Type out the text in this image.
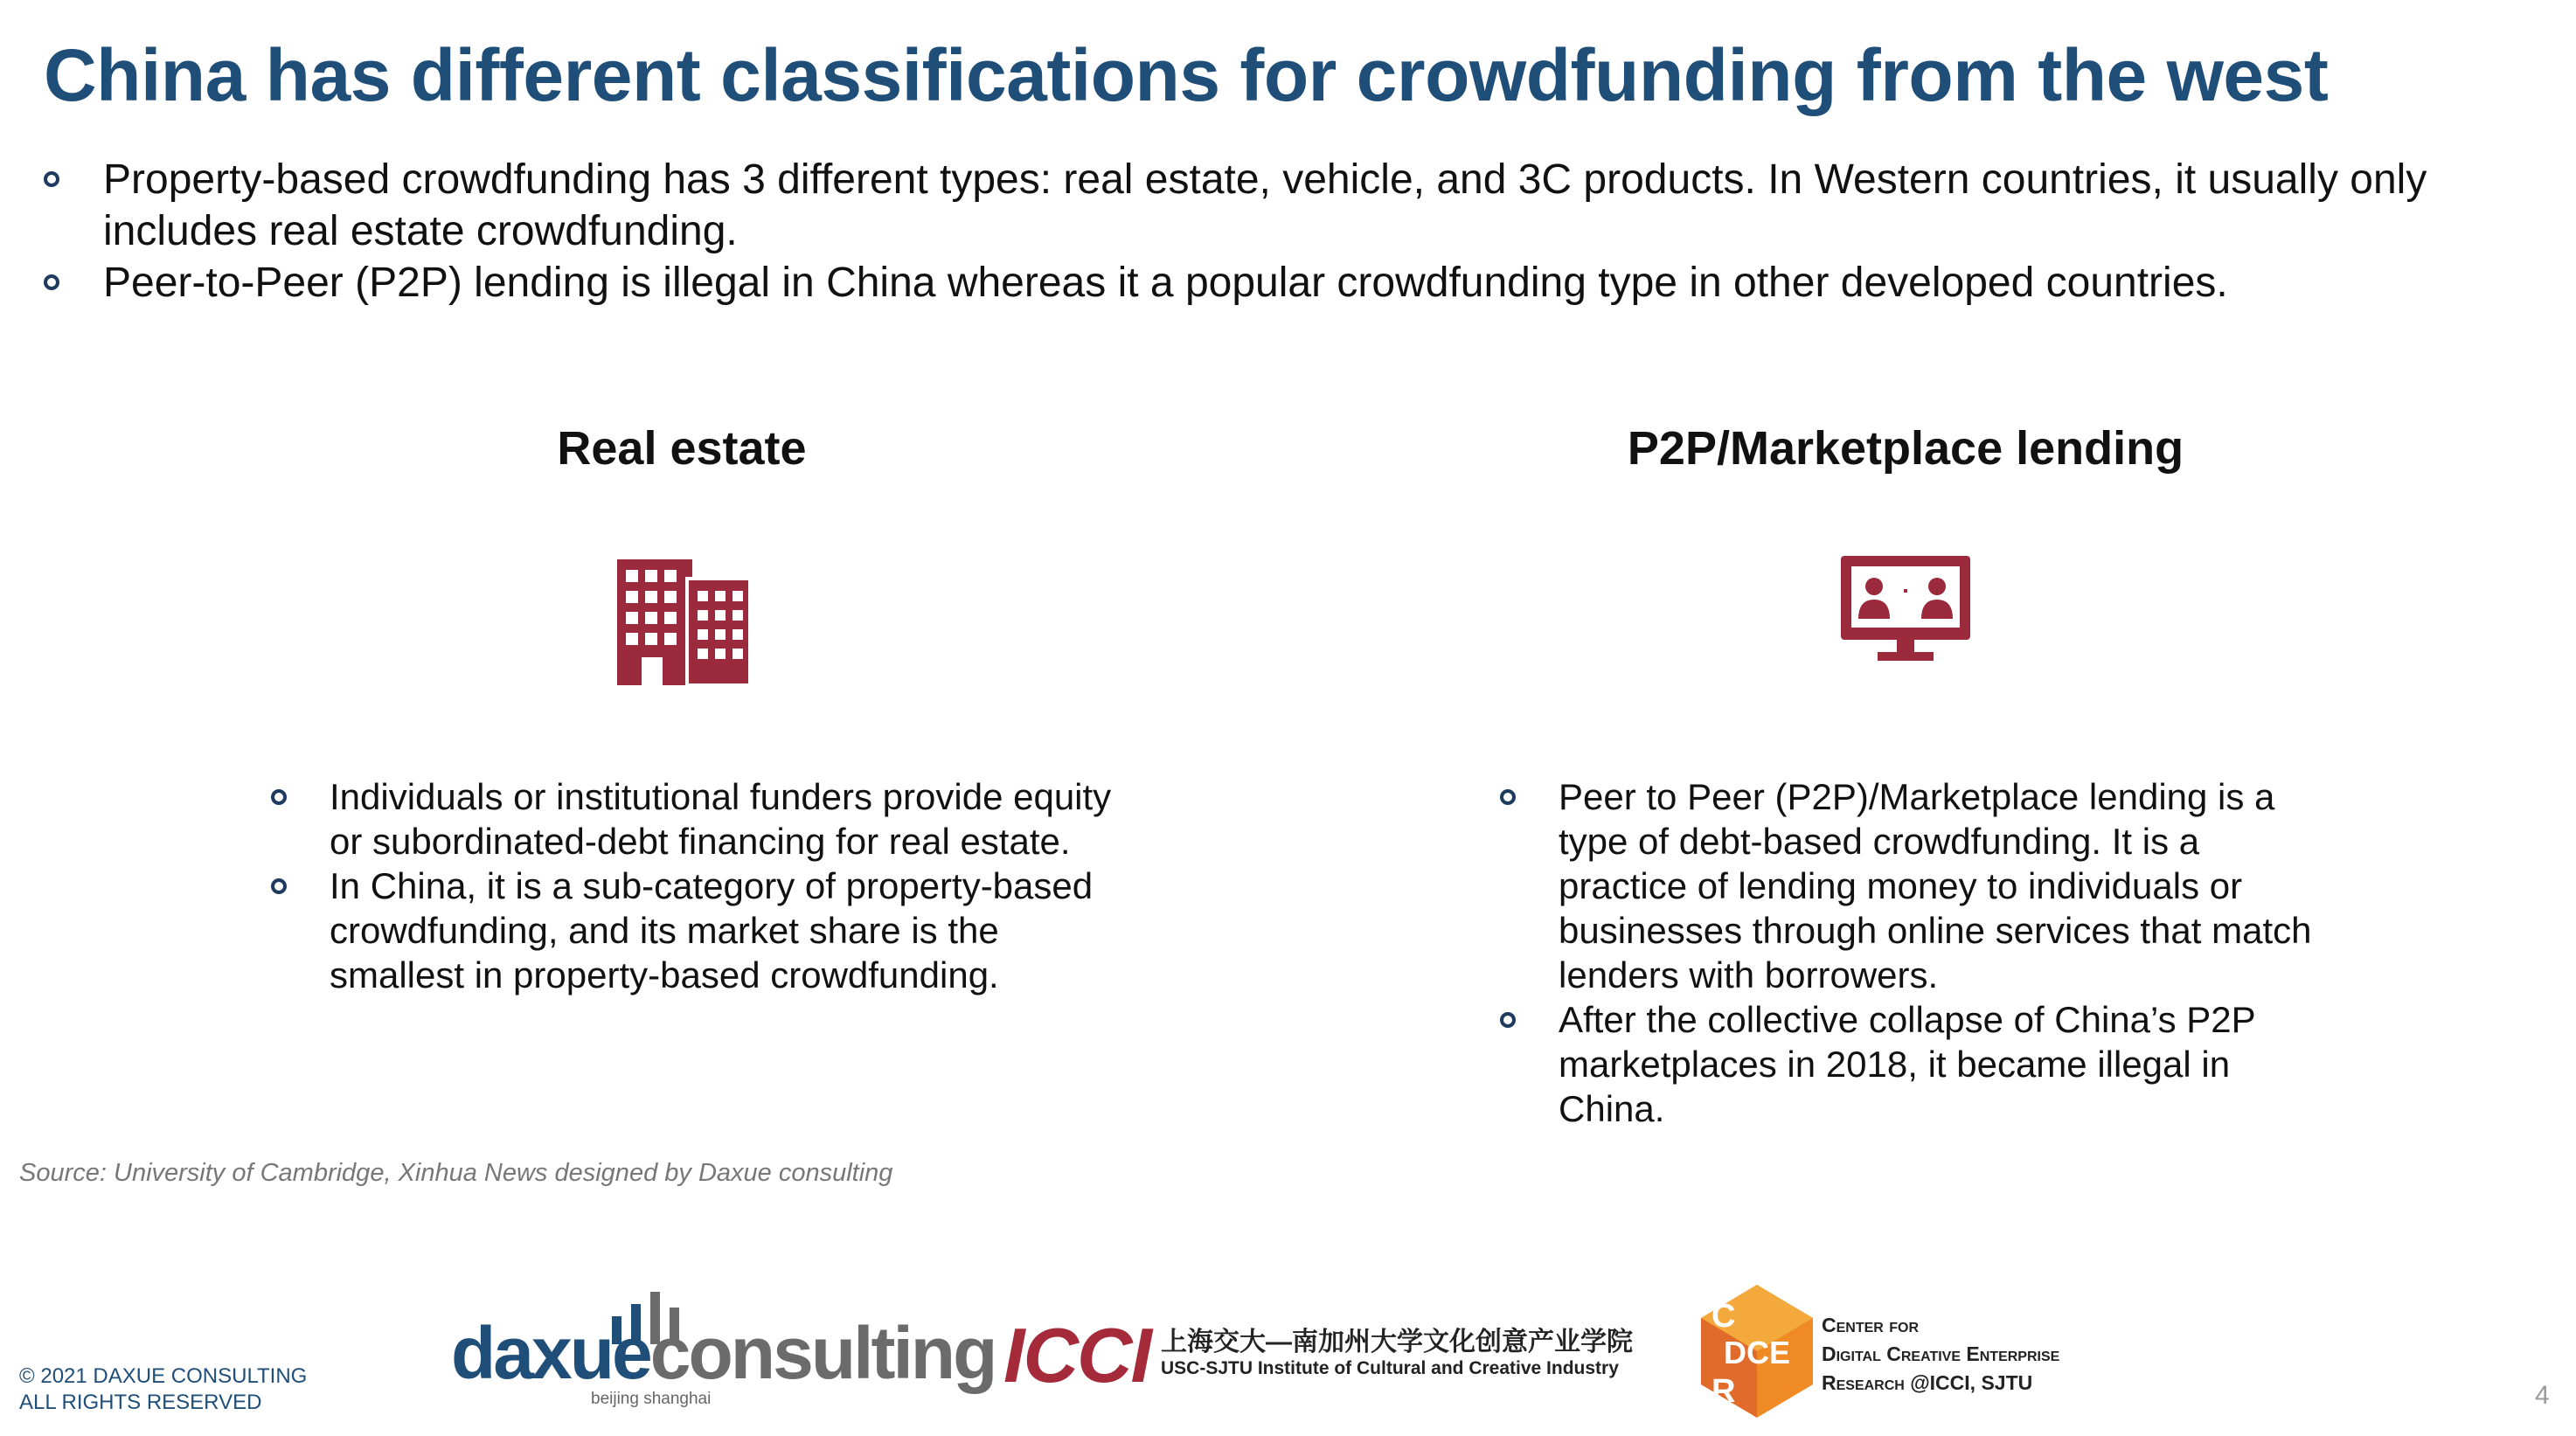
China has different classifications for crowdfunding from the west
Property-based crowdfunding has 3 different types: real estate, vehicle, and 3C products. In Western countries, it usually only includes real estate crowdfunding.
Peer-to-Peer (P2P) lending is illegal in China whereas it a popular crowdfunding type in other developed countries.
Real estate
Individuals or institutional funders provide equity or subordinated-debt financing for real estate.
In China, it is a sub-category of property-based crowdfunding, and its market share is the smallest in property-based crowdfunding.
P2P/Marketplace lending
Peer to Peer (P2P)/Marketplace lending is a type of debt-based crowdfunding. It is a practice of lending money to individuals or businesses through online services that match lenders with borrowers.
After the collective collapse of China’s P2P marketplaces in 2018, it became illegal in China.
Source: University of Cambridge, Xinhua News designed by Daxue consulting
© 2021 DAXUE CONSULTING
ALL RIGHTS RESERVED
daxueconsulting
beijing shanghai
ICCI 上海交大—南加州大学文化创意产业学院
USC-SJTU Institute of Cultural and Creative Industry
C
DCE
R
Center for
Digital Creative Enterprise
Research @ICCI, SJTU	4
